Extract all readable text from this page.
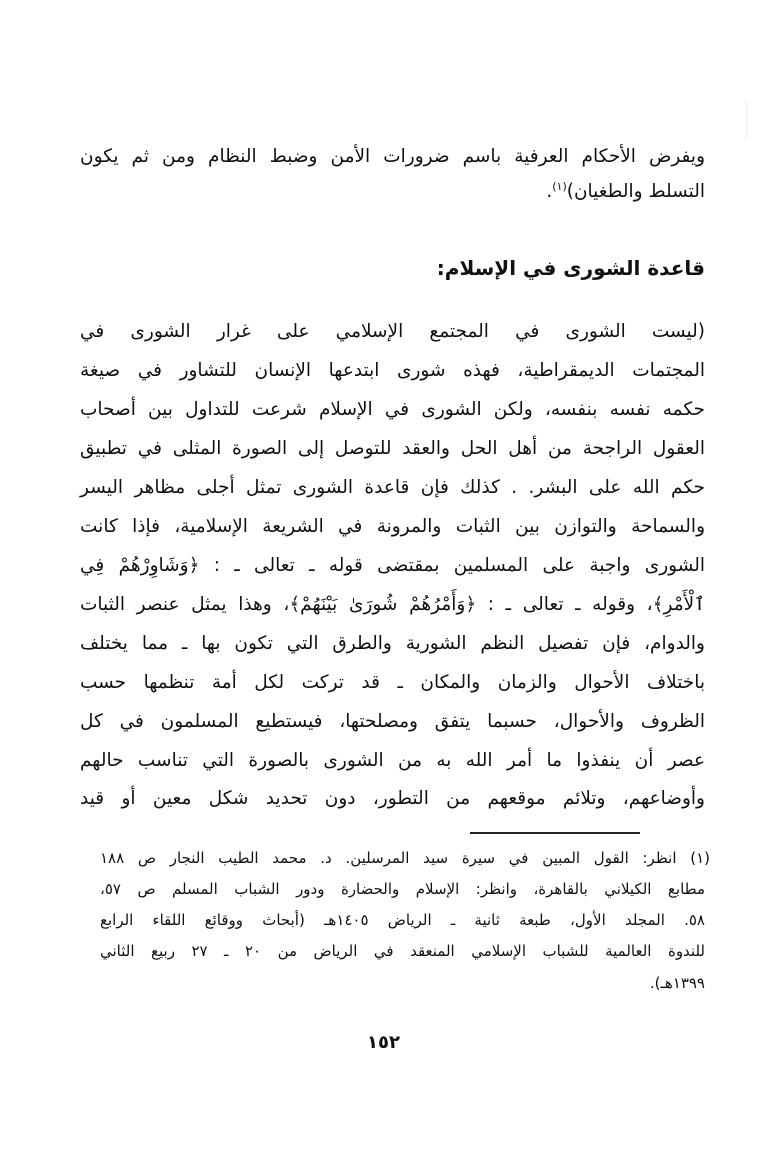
ويفرض الأحكام العرفية باسم ضرورات الأمن وضبط النظام ومن ثم يكون
التسلط والطغيان)$^{(١)}$.
قاعدة الشورى في الإسلام:
(ليست الشورى في المجتمع الإسلامي على غرار الشورى في
المجتمات الديمقراطية، فهذه شورى ابتدعها الإنسان للتشاور في صيغة
حكمه نفسه بنفسه، ولكن الشورى في الإسلام شرعت للتداول بين أصحاب
العقول الراجحة من أهل الحل والعقد للتوصل إلى الصورة المثلى في تطبيق
حكم الله على البشر. . كذلك فإن قاعدة الشورى تمثل أجلى مظاهر اليسر
والسماحة والتوازن بين الثبات والمرونة في الشريعة الإسلامية، فإذا كانت
الشورى واجبة على المسلمين بمقتضى قوله ـ تعالى ـ : ﴿وَشَاوِرْهُمْ فِي
ٱلْأَمْرِ﴾، وقوله ـ تعالى ـ : ﴿وَأَمْرُهُمْ شُورَىٰ بَيْنَهُمْ﴾، وهذا يمثل عنصر الثبات
والدوام، فإن تفصيل النظم الشورية والطرق التي تكون بها ـ مما يختلف
باختلاف الأحوال والزمان والمكان ـ قد تركت لكل أمة تنظمها حسب
الظروف والأحوال، حسبما يتفق ومصلحتها، فيستطيع المسلمون في كل
عصر أن ينفذوا ما أمر الله به من الشورى بالصورة التي تناسب حالهم
وأوضاعهم، وتلائم موقعهم من التطور، دون تحديد شكل معين أو قيد
(١) انظر: القول المبين في سيرة سيد المرسلين. د. محمد الطيب النجار ص ١٨٨
مطابع الكيلاني بالقاهرة، وانظر: الإسلام والحضارة ودور الشباب المسلم ص ٥٧،
٥٨. المجلد الأول، طبعة ثانية ـ الرياض ١٤٠٥هـ (أبحاث ووقائع اللقاء الرابع
للندوة العالمية للشباب الإسلامي المنعقد في الرياض من ٢٠ ـ ٢٧ ربيع الثاني
١٣٩٩هـ).
١٥٢
